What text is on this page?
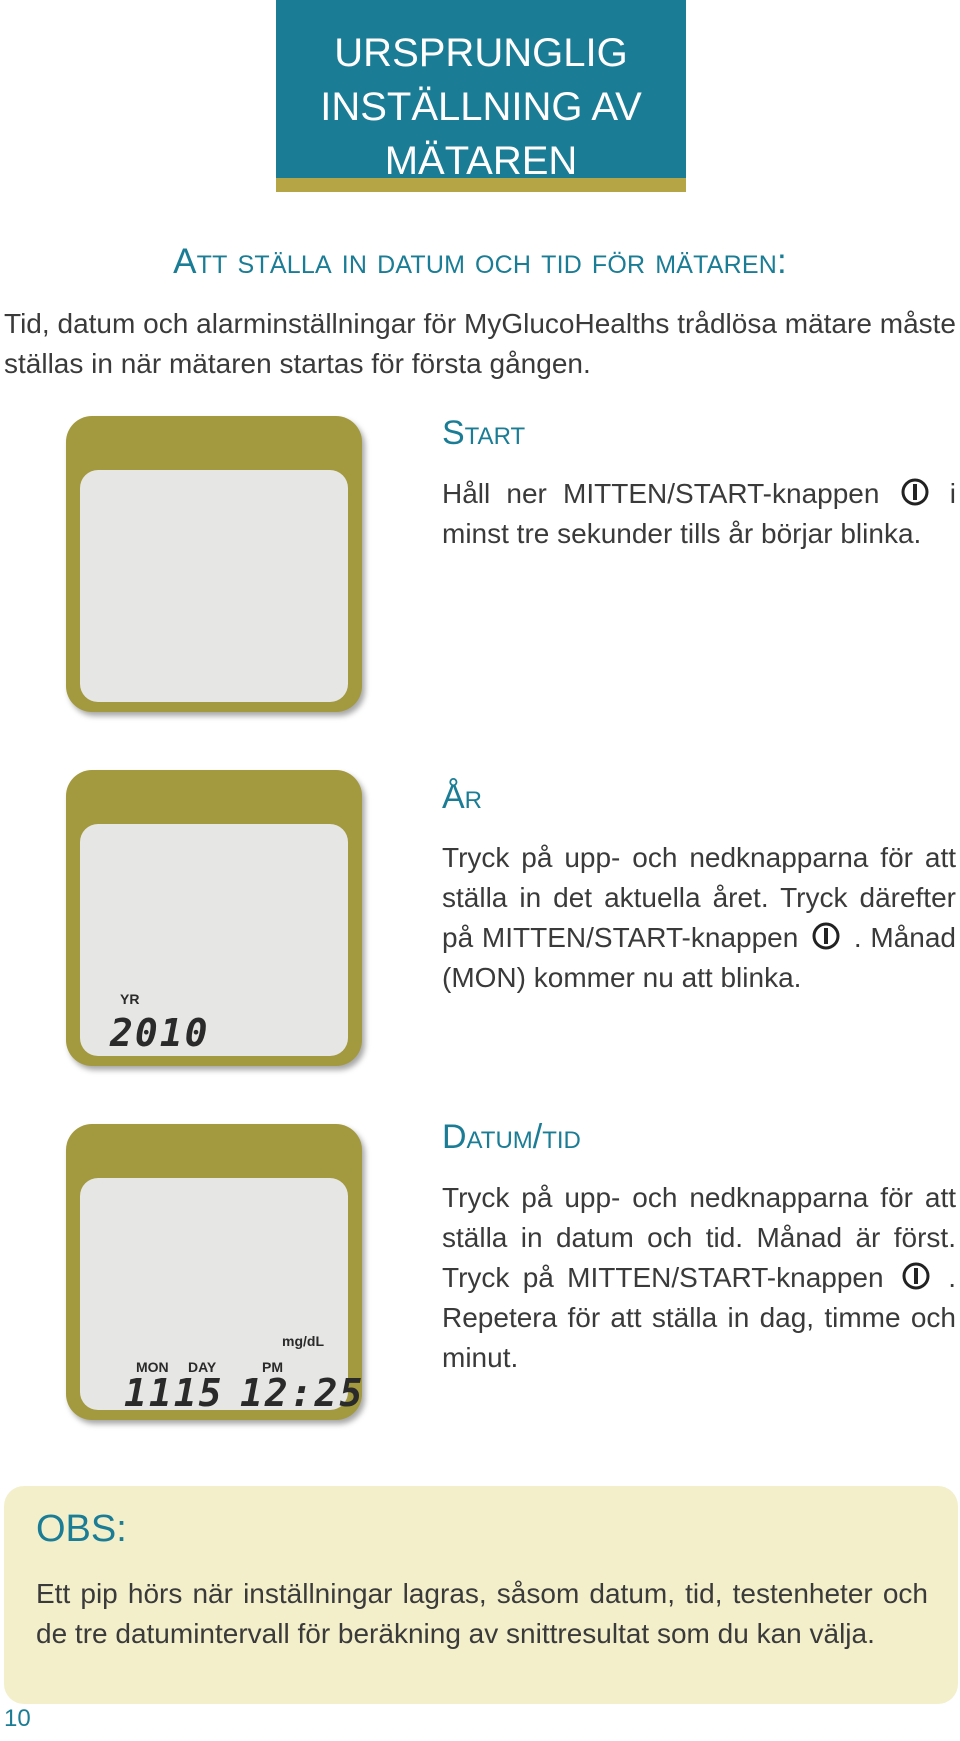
URSPRUNGLIG
INSTÄLLNING AV
MÄTAREN
Att ställa in datum och tid för mätaren:
Tid, datum och alarminställningar för MyGlucoHealths trådlösa mätare måste ställas in när mätaren startas för första gången.
Start
Håll ner MITTEN/START-knappen	i minst tre sekunder tills år börjar blinka.
YR
2010
År
Tryck på upp- och nedknapparna för att ställa in det aktuella året. Tryck därefter på MITTEN/START-knappen . Månad (MON) kommer nu att blinka.
mg/dL
MON DAY	PM
1115 12:25
Datum/tid
Tryck på upp- och nedknapparna för att ställa in datum och tid. Månad är först. Tryck på MITTEN/START-knappen . Repetera för att ställa in dag, timme och minut.
OBS:
Ett pip hörs när inställningar lagras, såsom datum, tid, testenheter och de tre datumintervall för beräkning av snittresultat som du kan välja.
10
